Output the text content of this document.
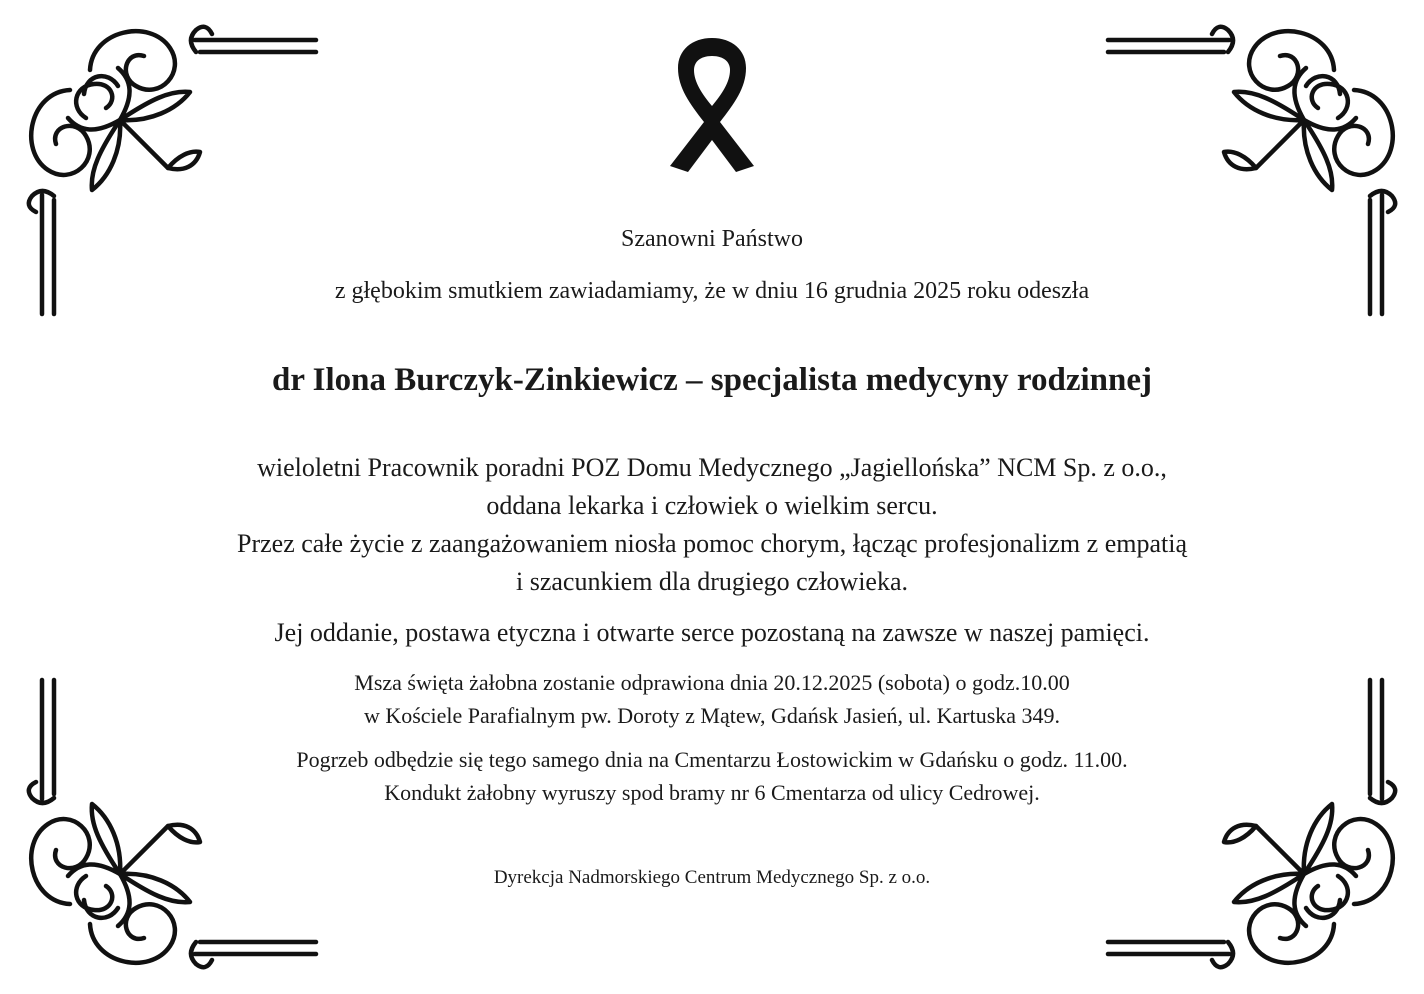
Szanowni Państwo
z głębokim smutkiem zawiadamiamy, że w dniu 16 grudnia 2025 roku odeszła
dr Ilona Burczyk-Zinkiewicz – specjalista medycyny rodzinnej
wieloletni Pracownik poradni POZ Domu Medycznego „Jagiellońska” NCM Sp. z o.o.,
oddana lekarka i człowiek o wielkim sercu.
Przez całe życie z zaangażowaniem niosła pomoc chorym, łącząc profesjonalizm z empatią
i szacunkiem dla drugiego człowieka.
Jej oddanie, postawa etyczna i otwarte serce pozostaną na zawsze w naszej pamięci.
Msza święta żałobna zostanie odprawiona dnia 20.12.2025 (sobota) o godz.10.00
w Kościele Parafialnym pw. Doroty z Mątew, Gdańsk Jasień, ul. Kartuska 349.
Pogrzeb odbędzie się tego samego dnia na Cmentarzu Łostowickim w Gdańsku o godz. 11.00.
Kondukt żałobny wyruszy spod bramy nr 6 Cmentarza od ulicy Cedrowej.
Dyrekcja Nadmorskiego Centrum Medycznego Sp. z o.o.
